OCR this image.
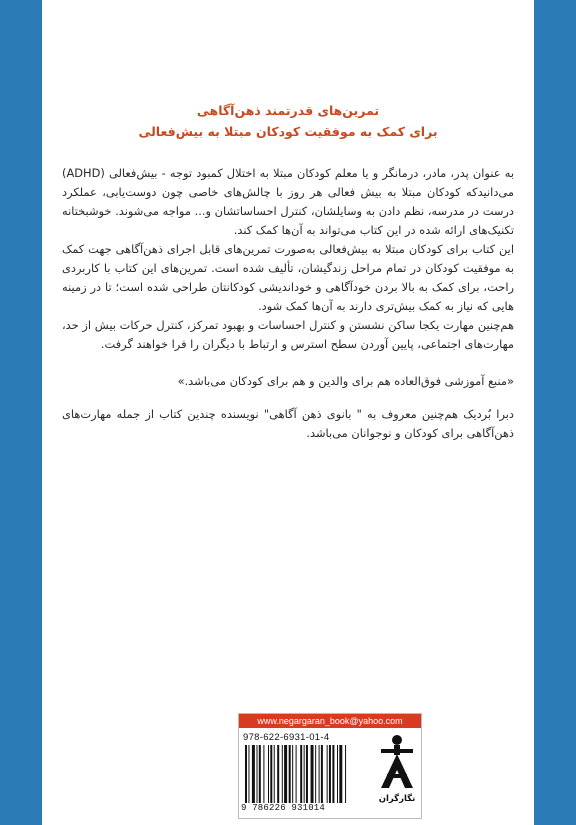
تمرین‌های قدرتمند ذهن‌آگاهی
برای کمک به موفقیت کودکان مبتلا به بیش‌فعالی

به عنوان پدر، مادر، درمانگر و یا معلم کودکان مبتلا به اختلال کمبود توجه - بیش‌فعالی (ADHD) می‌دانید‌که کودکان مبتلا به بیش فعالی هر روز با چالش‌های خاصی چون دوست‌یابی، عملکرد درست در مدرسه، نظم دادن به وسایلشان، کنترل احساساتشان و... مواجه می‌شوند. خوشبختانه تکنیک‌های ارائه شده در این کتاب می‌تواند به آن‌ها کمک کند.

این کتاب برای کودکان مبتلا به بیش‌فعالی به‌صورت تمرین‌های قابل اجرای ذهن‌آگاهی جهت کمک به موفقیت کودکان در تمام مراحل زندگیشان، تألیف شده است. تمرین‌های این کتاب با کاربردی راحت، برای کمک به بالا بردن خودآگاهی و خوداندیشی کودکانتان طراحی شده است؛ تا در زمینه هایی که نیاز به کمک بیش‌تری دارند به آن‌ها کمک شود.

هم‌چنین مهارت یکجا ساکن نشستن و کنترل احساسات و بهبود تمرکز، کنترل حرکات بیش از حد، مهارت‌های اجتماعی، پایین آوردن سطح استرس و ارتباط با دیگران را فرا خواهند گرفت.

«منبع آموزشی فوق‌العاده هم برای والدین و هم برای کودکان می‌باشد.»

دبرا بُردیک هم‌چنین معروف به " بانوی ذهن آگاهی" نویسنده چندین کتاب از جمله مهارت‌های ذهن‌آگاهی برای کودکان و نوجوانان می‌باشد.

www.negargaran_book@yahoo.com
978-622-6931-01-4
9 786226 931014
نگارگران
